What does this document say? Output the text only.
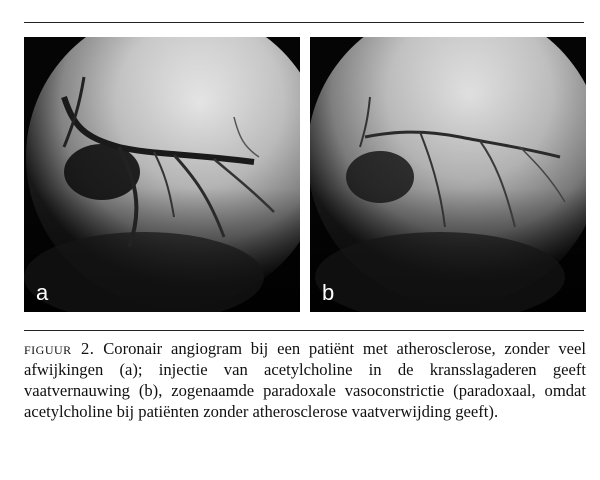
a	b
figuur 2. Coronair angiogram bij een patiënt met atherosclerose, zonder veel afwijkingen (a); injectie van acetylcholine in de kransslagaderen geeft vaatvernauwing (b), zogenaamde paradoxale vasoconstrictie (paradoxaal, omdat acetylcholine bij patiënten zonder atherosclerose vaatverwijding geeft).
